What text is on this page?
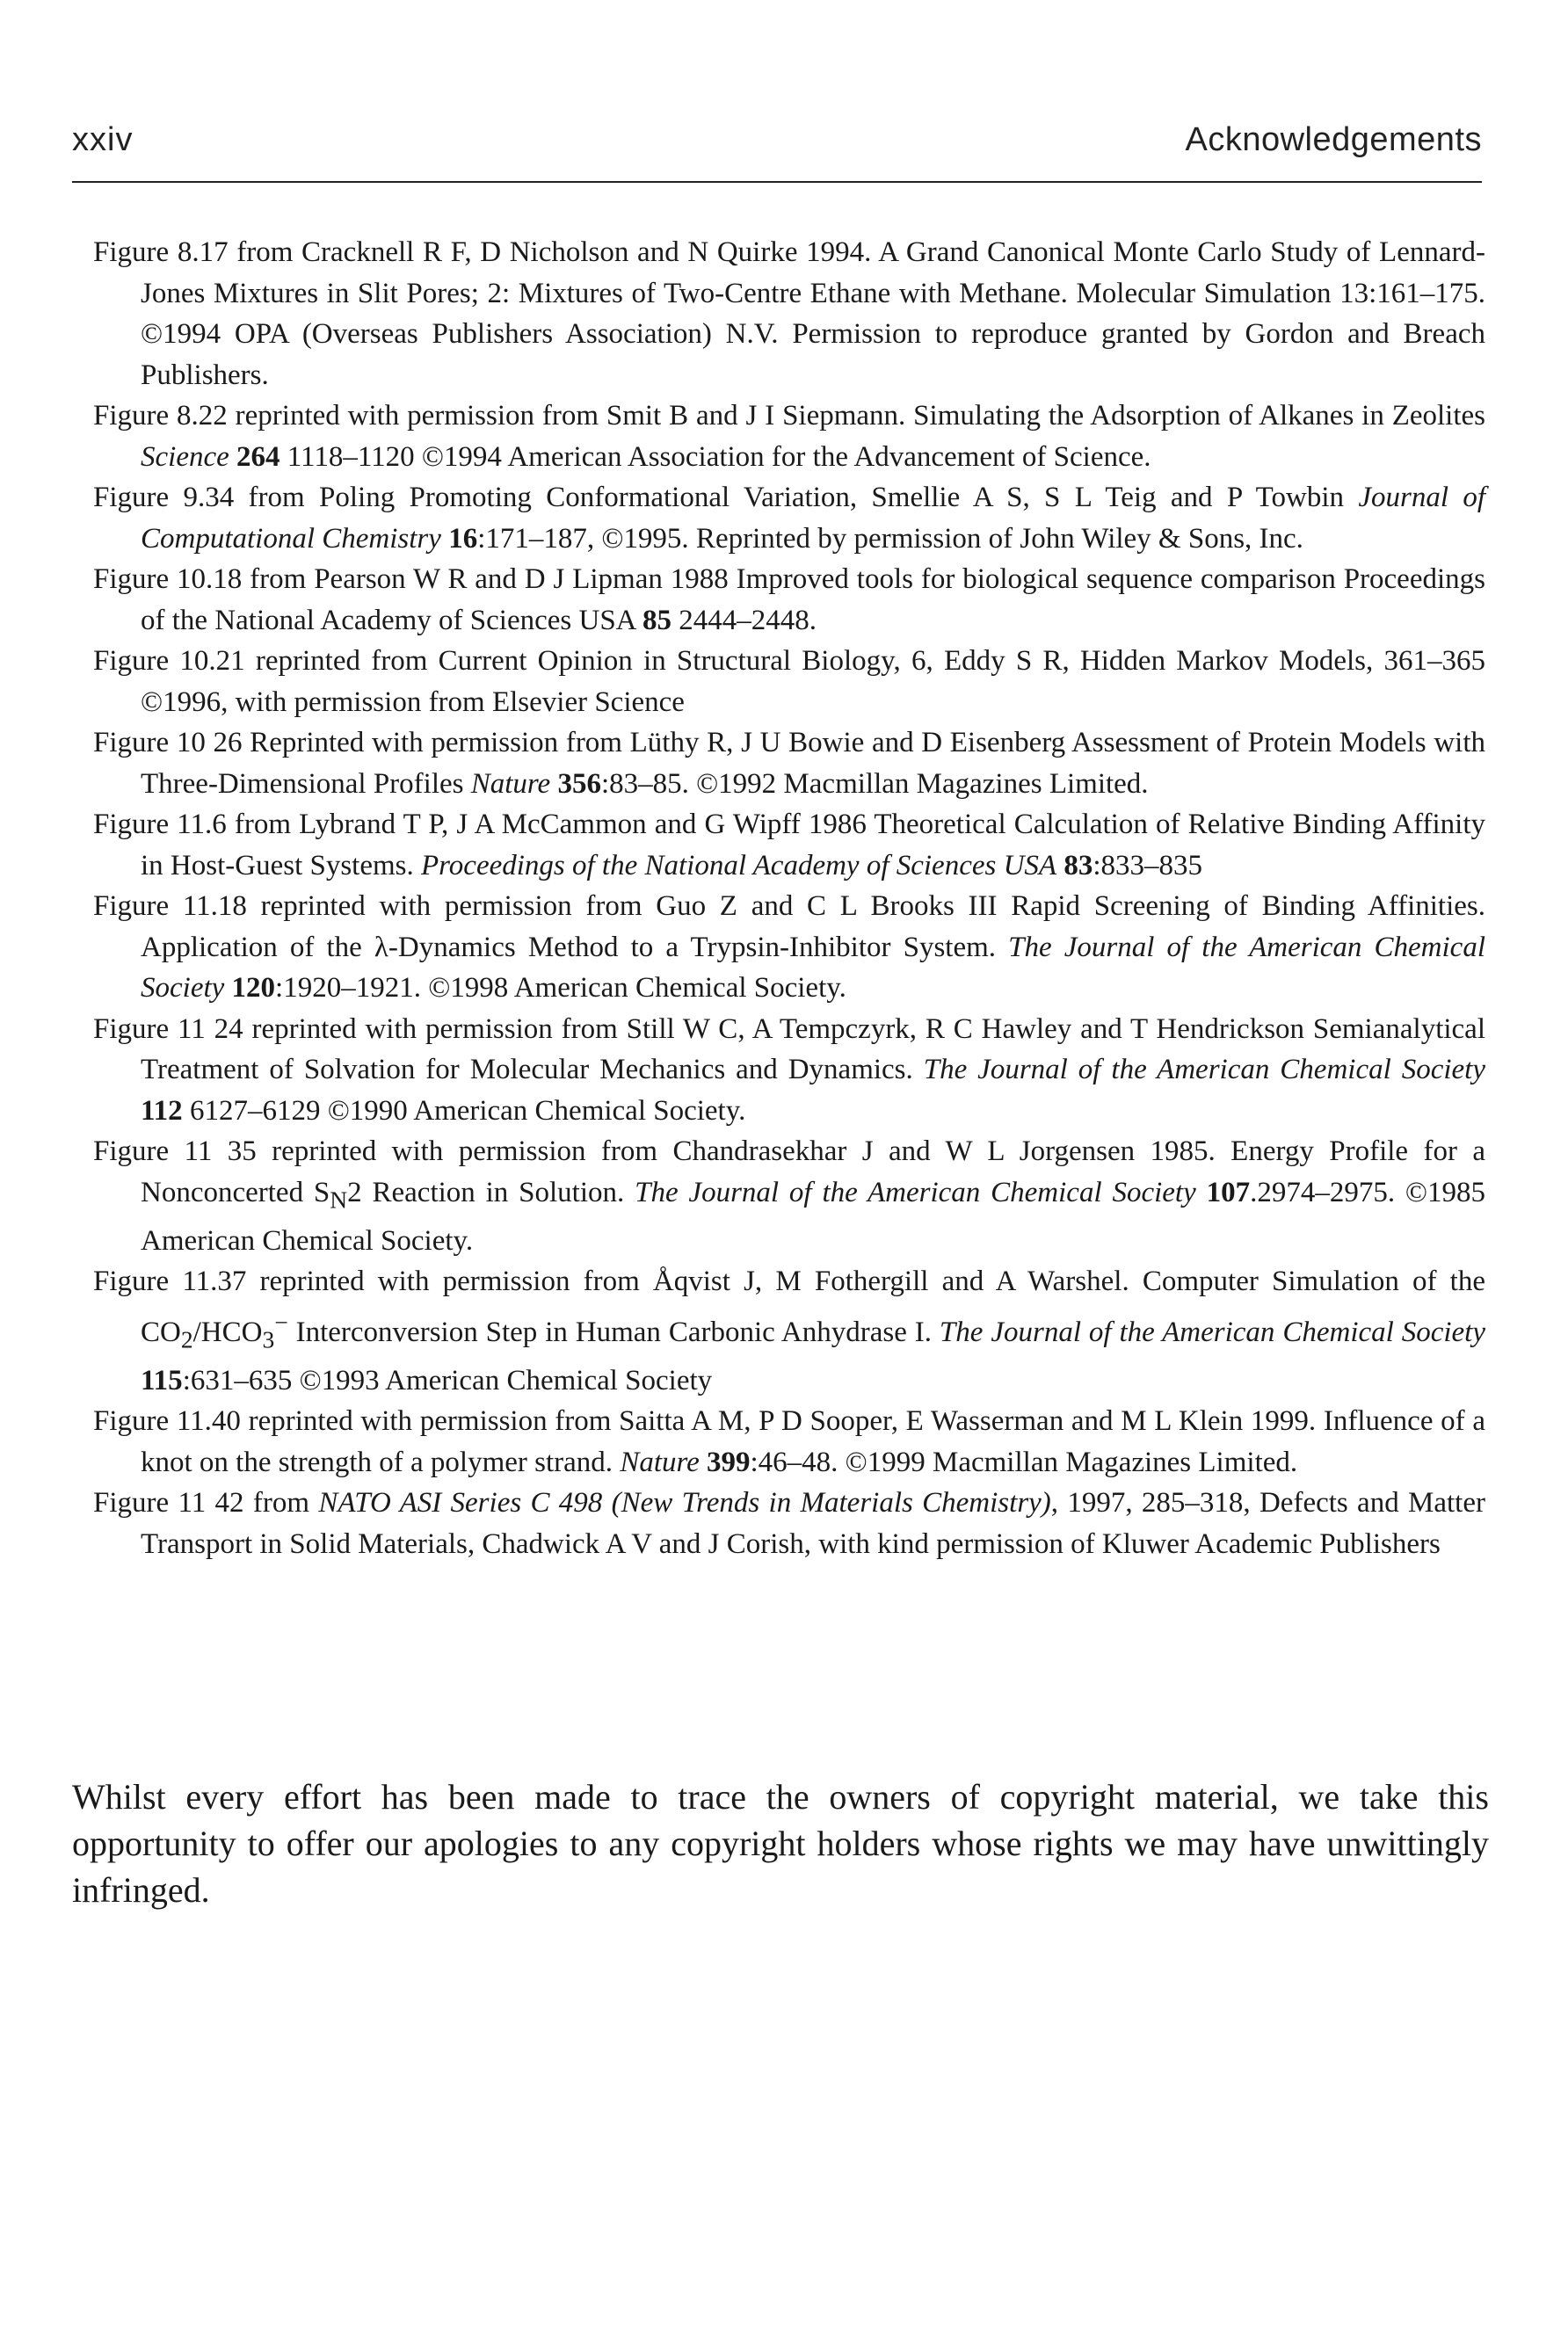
xxiv	Acknowledgements
Figure 8.17 from Cracknell R F, D Nicholson and N Quirke 1994. A Grand Canonical Monte Carlo Study of Lennard-Jones Mixtures in Slit Pores; 2: Mixtures of Two-Centre Ethane with Methane. Molecular Simulation 13:161–175. ©1994 OPA (Overseas Publishers Association) N.V. Permission to reproduce granted by Gordon and Breach Publishers.
Figure 8.22 reprinted with permission from Smit B and J I Siepmann. Simulating the Adsorption of Alkanes in Zeolites Science 264 1118–1120 ©1994 American Association for the Advancement of Science.
Figure 9.34 from Poling Promoting Conformational Variation, Smellie A S, S L Teig and P Towbin Journal of Computational Chemistry 16:171–187, ©1995. Reprinted by permission of John Wiley & Sons, Inc.
Figure 10.18 from Pearson W R and D J Lipman 1988 Improved tools for biological sequence comparison Proceedings of the National Academy of Sciences USA 85 2444–2448.
Figure 10.21 reprinted from Current Opinion in Structural Biology, 6, Eddy S R, Hidden Markov Models, 361–365 ©1996, with permission from Elsevier Science
Figure 10 26 Reprinted with permission from Lüthy R, J U Bowie and D Eisenberg Assessment of Protein Models with Three-Dimensional Profiles Nature 356:83–85. ©1992 Macmillan Magazines Limited.
Figure 11.6 from Lybrand T P, J A McCammon and G Wipff 1986 Theoretical Calculation of Relative Binding Affinity in Host-Guest Systems. Proceedings of the National Academy of Sciences USA 83:833–835
Figure 11.18 reprinted with permission from Guo Z and C L Brooks III Rapid Screening of Binding Affinities. Application of the λ-Dynamics Method to a Trypsin-Inhibitor System. The Journal of the American Chemical Society 120:1920–1921. ©1998 American Chemical Society.
Figure 11 24 reprinted with permission from Still W C, A Tempczyrk, R C Hawley and T Hendrickson Semianalytical Treatment of Solvation for Molecular Mechanics and Dynamics. The Journal of the American Chemical Society 112 6127–6129 ©1990 American Chemical Society.
Figure 11 35 reprinted with permission from Chandrasekhar J and W L Jorgensen 1985. Energy Profile for a Nonconcerted $S_N2$ Reaction in Solution. The Journal of the American Chemical Society 107.2974–2975. ©1985 American Chemical Society.
Figure 11.37 reprinted with permission from Åqvist J, M Fothergill and A Warshel. Computer Simulation of the $CO_2/HCO_3^-$ Interconversion Step in Human Carbonic Anhydrase I. The Journal of the American Chemical Society 115:631–635 ©1993 American Chemical Society
Figure 11.40 reprinted with permission from Saitta A M, P D Sooper, E Wasserman and M L Klein 1999. Influence of a knot on the strength of a polymer strand. Nature 399:46–48. ©1999 Macmillan Magazines Limited.
Figure 11 42 from NATO ASI Series C 498 (New Trends in Materials Chemistry), 1997, 285–318, Defects and Matter Transport in Solid Materials, Chadwick A V and J Corish, with kind permission of Kluwer Academic Publishers

Whilst every effort has been made to trace the owners of copyright material, we take this opportunity to offer our apologies to any copyright holders whose rights we may have unwittingly infringed.
